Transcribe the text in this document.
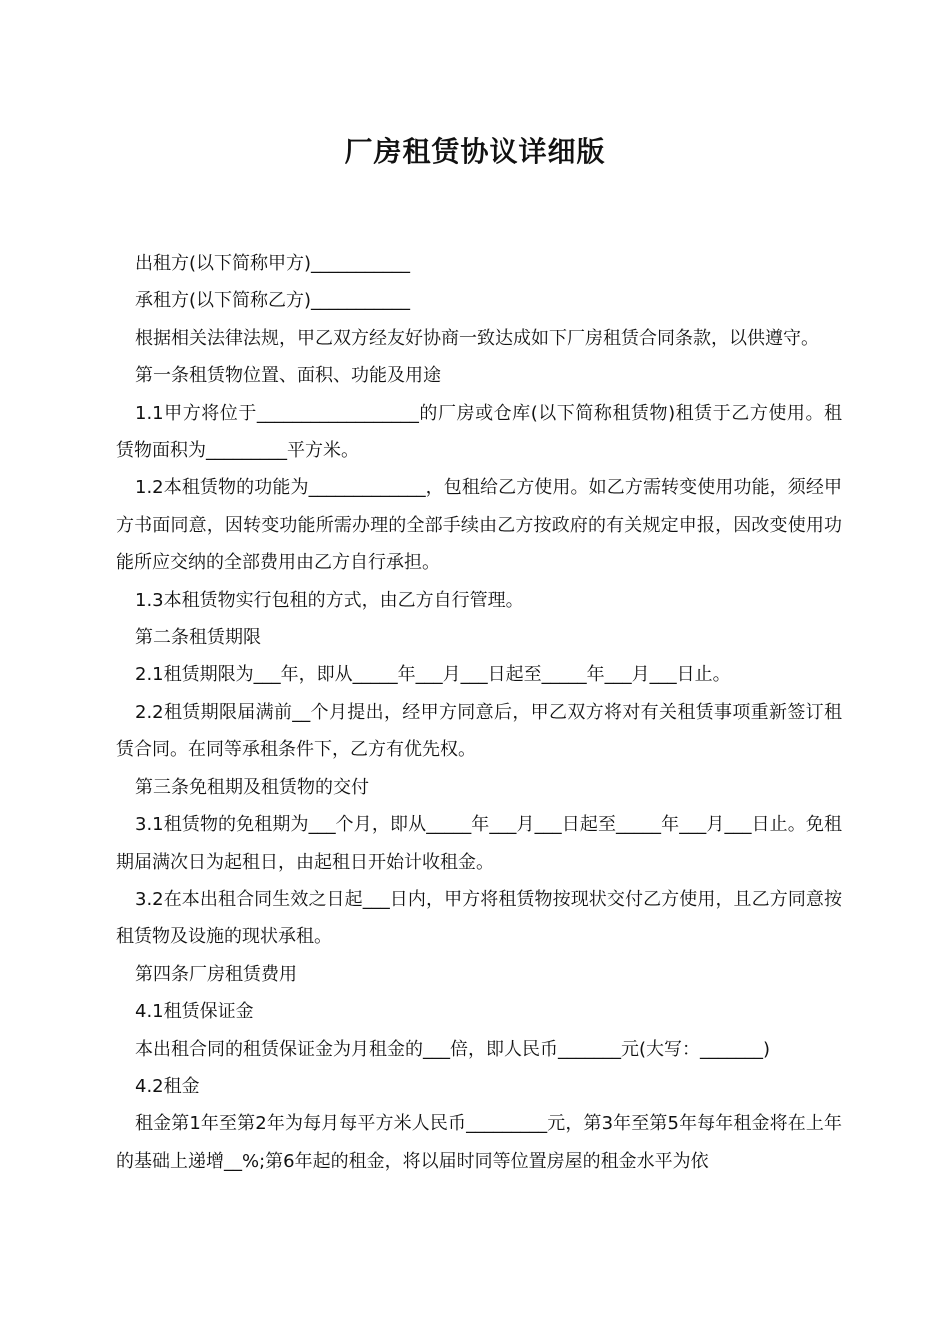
厂房租赁协议详细版

出租方(以下简称甲方)___________

承租方(以下简称乙方)___________

根据相关法律法规，甲乙双方经友好协商一致达成如下厂房租赁合同条款，以供遵守。

第一条租赁物位置、面积、功能及用途

1.1甲方将位于__________________的厂房或仓库(以下简称租赁物)租赁于乙方使用。租赁物面积为_________平方米。

1.2本租赁物的功能为_____________，包租给乙方使用。如乙方需转变使用功能，须经甲方书面同意，因转变功能所需办理的全部手续由乙方按政府的有关规定申报，因改变使用功能所应交纳的全部费用由乙方自行承担。

1.3本租赁物实行包租的方式，由乙方自行管理。

第二条租赁期限

2.1租赁期限为___年，即从_____年___月___日起至_____年___月___日止。

2.2租赁期限届满前__个月提出，经甲方同意后，甲乙双方将对有关租赁事项重新签订租赁合同。在同等承租条件下，乙方有优先权。

第三条免租期及租赁物的交付

3.1租赁物的免租期为___个月，即从_____年___月___日起至_____年___月___日止。免租期届满次日为起租日，由起租日开始计收租金。

3.2在本出租合同生效之日起___日内，甲方将租赁物按现状交付乙方使用，且乙方同意按租赁物及设施的现状承租。

第四条厂房租赁费用

4.1租赁保证金

本出租合同的租赁保证金为月租金的___倍，即人民币_______元(大写：_______)

4.2租金

租金第1年至第2年为每月每平方米人民币_________元，第3年至第5年每年租金将在上年的基础上递增__%;第6年起的租金，将以届时同等位置房屋的租金水平为依
